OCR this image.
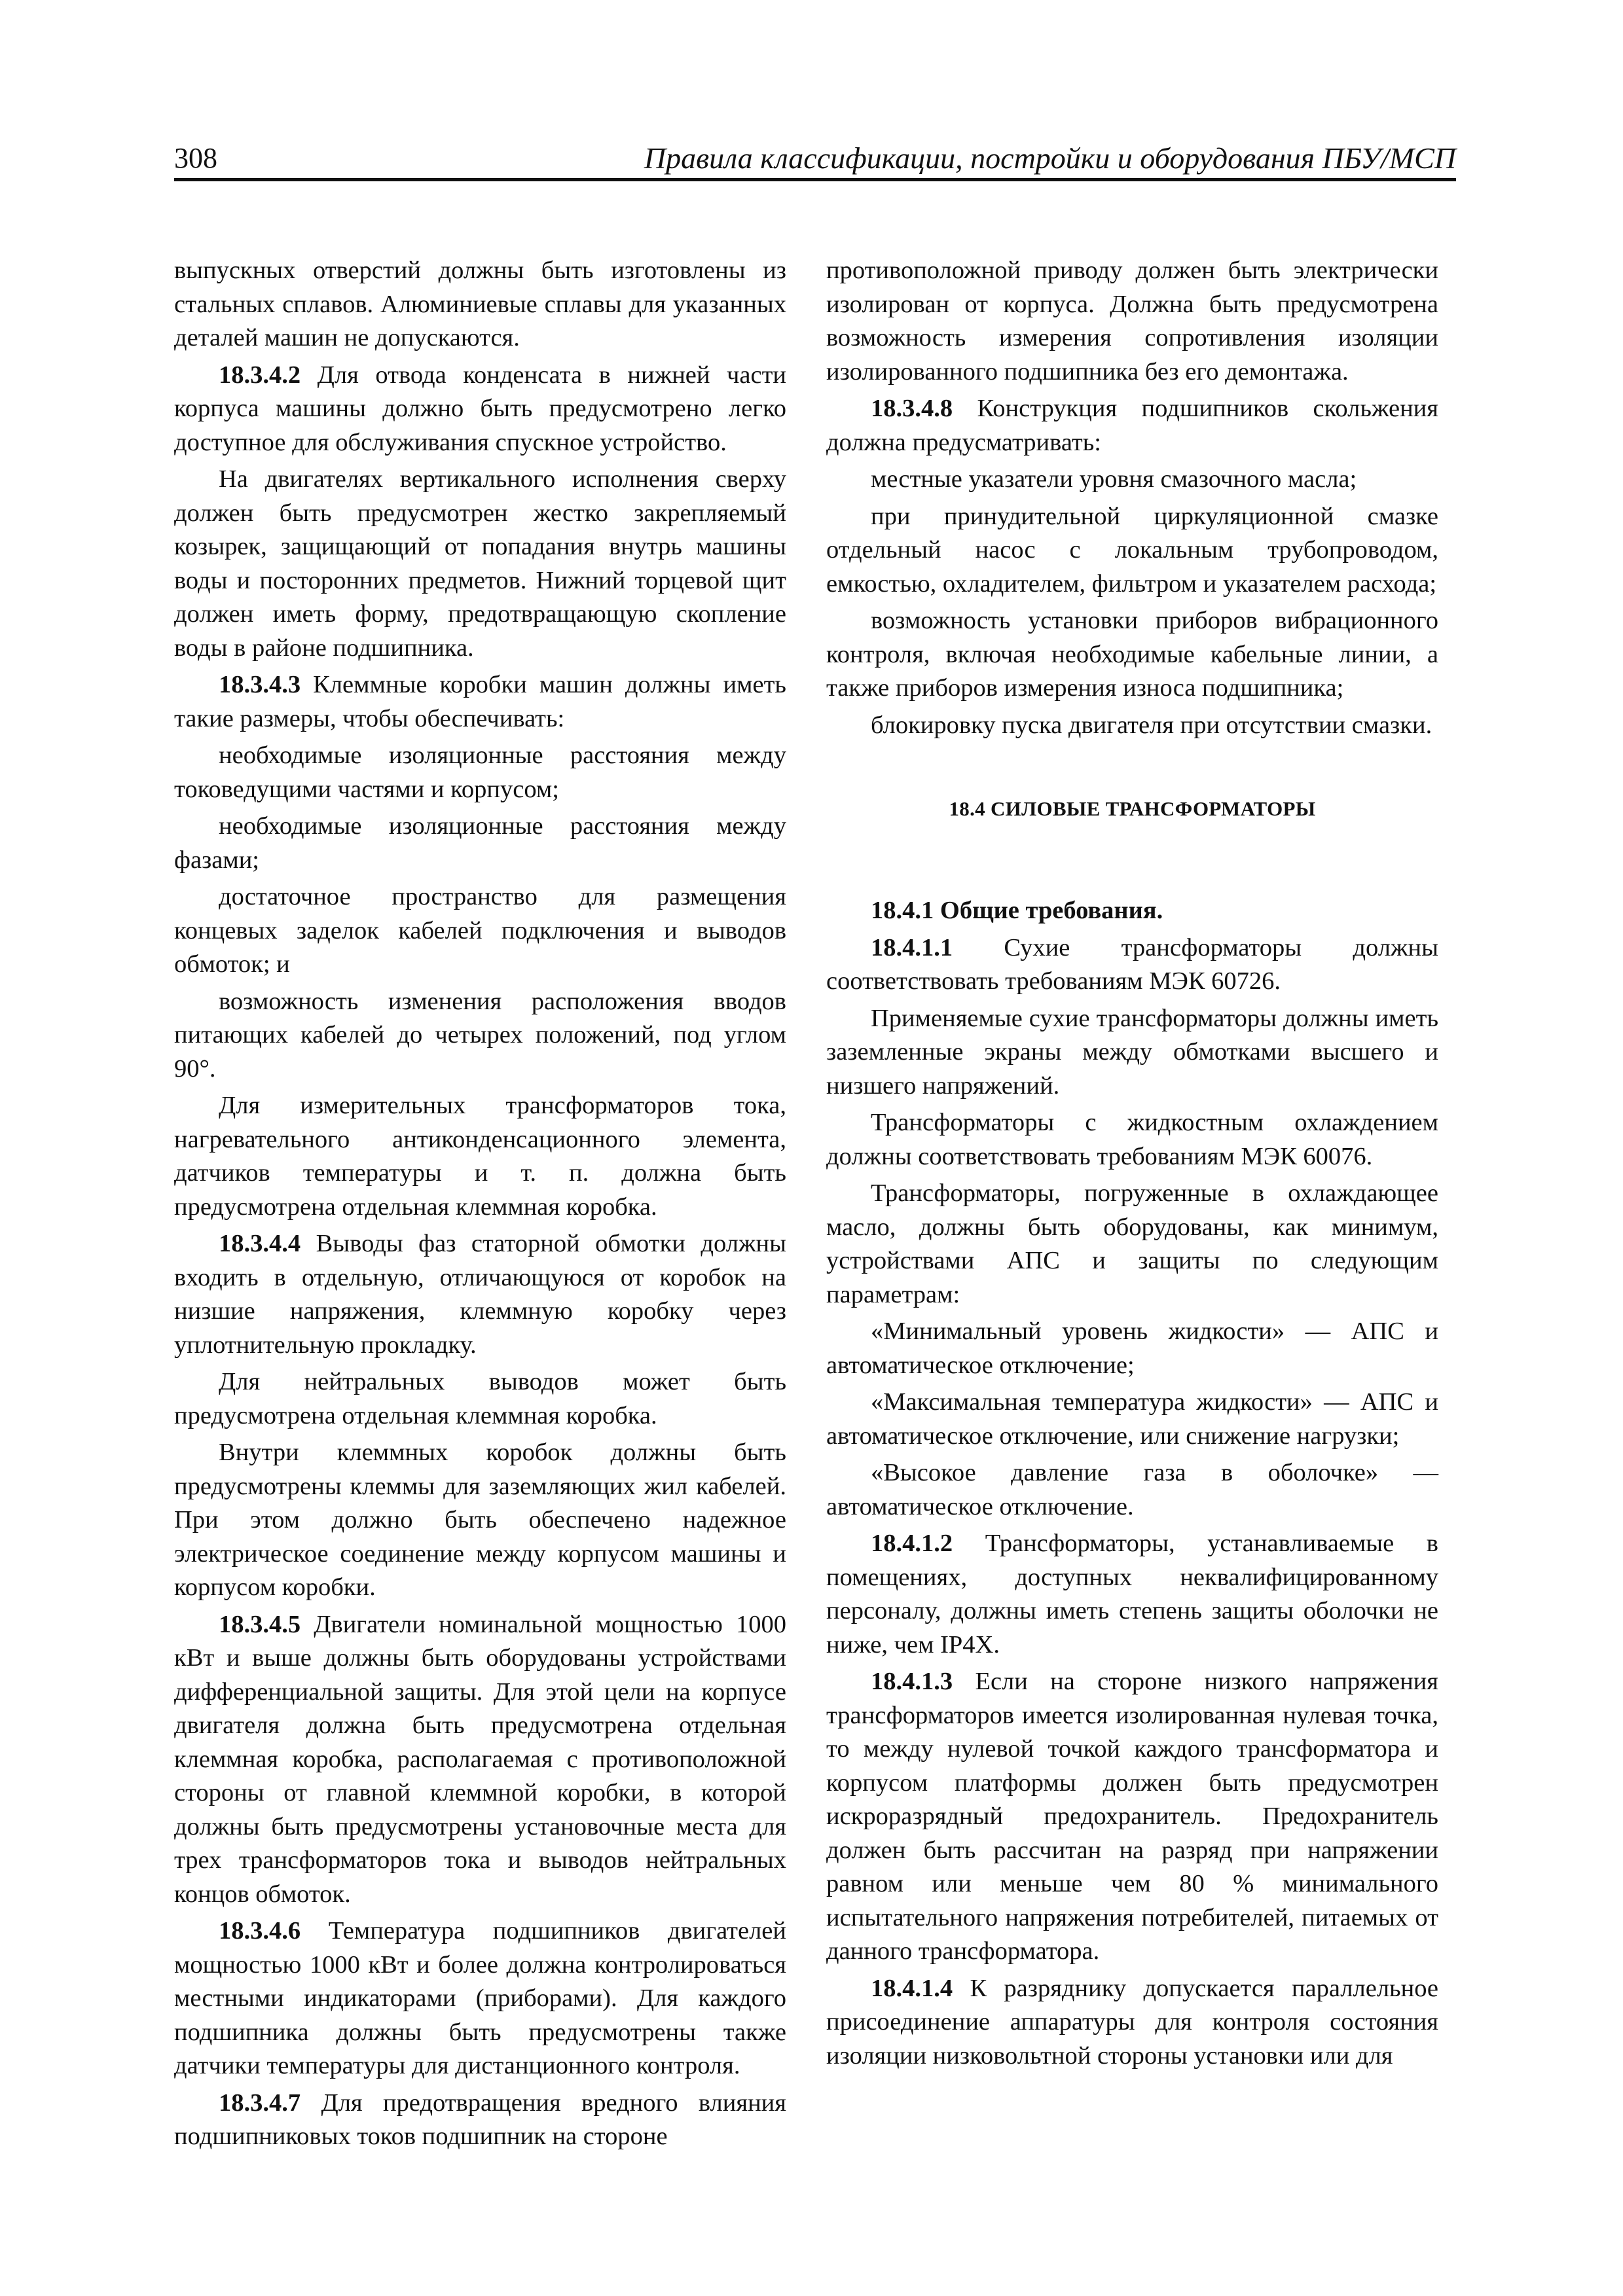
308	Правила классификации, постройки и оборудования ПБУ/МСП

выпускных отверстий должны быть изготовлены из стальных сплавов. Алюминиевые сплавы для указанных деталей машин не допускаются.

18.3.4.2 Для отвода конденсата в нижней части корпуса машины должно быть предусмотрено легко доступное для обслуживания спускное устройство.

На двигателях вертикального исполнения сверху должен быть предусмотрен жестко закрепляемый козырек, защищающий от попадания внутрь машины воды и посторонних предметов. Нижний торцевой щит должен иметь форму, предотвращающую скопление воды в районе подшипника.

18.3.4.3 Клеммные коробки машин должны иметь такие размеры, чтобы обеспечивать:

необходимые изоляционные расстояния между токоведущими частями и корпусом;

необходимые изоляционные расстояния между фазами;

достаточное пространство для размещения концевых заделок кабелей подключения и выводов обмоток; и

возможность изменения расположения вводов питающих кабелей до четырех положений, под углом 90°.

Для измерительных трансформаторов тока, нагревательного антиконденсационного элемента, датчиков температуры и т. п. должна быть предусмотрена отдельная клеммная коробка.

18.3.4.4 Выводы фаз статорной обмотки должны входить в отдельную, отличающуюся от коробок на низшие напряжения, клеммную коробку через уплотнительную прокладку.

Для нейтральных выводов может быть предусмотрена отдельная клеммная коробка.

Внутри клеммных коробок должны быть предусмотрены клеммы для заземляющих жил кабелей. При этом должно быть обеспечено надежное электрическое соединение между корпусом машины и корпусом коробки.

18.3.4.5 Двигатели номинальной мощностью 1000 кВт и выше должны быть оборудованы устройствами дифференциальной защиты. Для этой цели на корпусе двигателя должна быть предусмотрена отдельная клеммная коробка, располагаемая с противоположной стороны от главной клеммной коробки, в которой должны быть предусмотрены установочные места для трех трансформаторов тока и выводов нейтральных концов обмоток.

18.3.4.6 Температура подшипников двигателей мощностью 1000 кВт и более должна контролироваться местными индикаторами (приборами). Для каждого подшипника должны быть предусмотрены также датчики температуры для дистанционного контроля.

18.3.4.7 Для предотвращения вредного влияния подшипниковых токов подшипник на стороне

противоположной приводу должен быть электрически изолирован от корпуса. Должна быть предусмотрена возможность измерения сопротивления изоляции изолированного подшипника без его демонтажа.

18.3.4.8 Конструкция подшипников скольжения должна предусматривать:

местные указатели уровня смазочного масла;

при принудительной циркуляционной смазке отдельный насос с локальным трубопроводом, емкостью, охладителем, фильтром и указателем расхода;

возможность установки приборов вибрационного контроля, включая необходимые кабельные линии, а также приборов измерения износа подшипника;

блокировку пуска двигателя при отсутствии смазки.

18.4 СИЛОВЫЕ ТРАНСФОРМАТОРЫ

18.4.1 Общие требования.

18.4.1.1 Сухие трансформаторы должны соответствовать требованиям МЭК 60726.

Применяемые сухие трансформаторы должны иметь заземленные экраны между обмотками высшего и низшего напряжений.

Трансформаторы с жидкостным охлаждением должны соответствовать требованиям МЭК 60076.

Трансформаторы, погруженные в охлаждающее масло, должны быть оборудованы, как минимум, устройствами АПС и защиты по следующим параметрам:

«Минимальный уровень жидкости» — АПС и автоматическое отключение;

«Максимальная температура жидкости» — АПС и автоматическое отключение, или снижение нагрузки;

«Высокое давление газа в оболочке» — автоматическое отключение.

18.4.1.2 Трансформаторы, устанавливаемые в помещениях, доступных неквалифицированному персоналу, должны иметь степень защиты оболочки не ниже, чем IP4X.

18.4.1.3 Если на стороне низкого напряжения трансформаторов имеется изолированная нулевая точка, то между нулевой точкой каждого трансформатора и корпусом платформы должен быть предусмотрен искроразрядный предохранитель. Предохранитель должен быть рассчитан на разряд при напряжении равном или меньше чем 80 % минимального испытательного напряжения потребителей, питаемых от данного трансформатора.

18.4.1.4 К разряднику допускается параллельное присоединение аппаратуры для контроля состояния изоляции низковольтной стороны установки или для
